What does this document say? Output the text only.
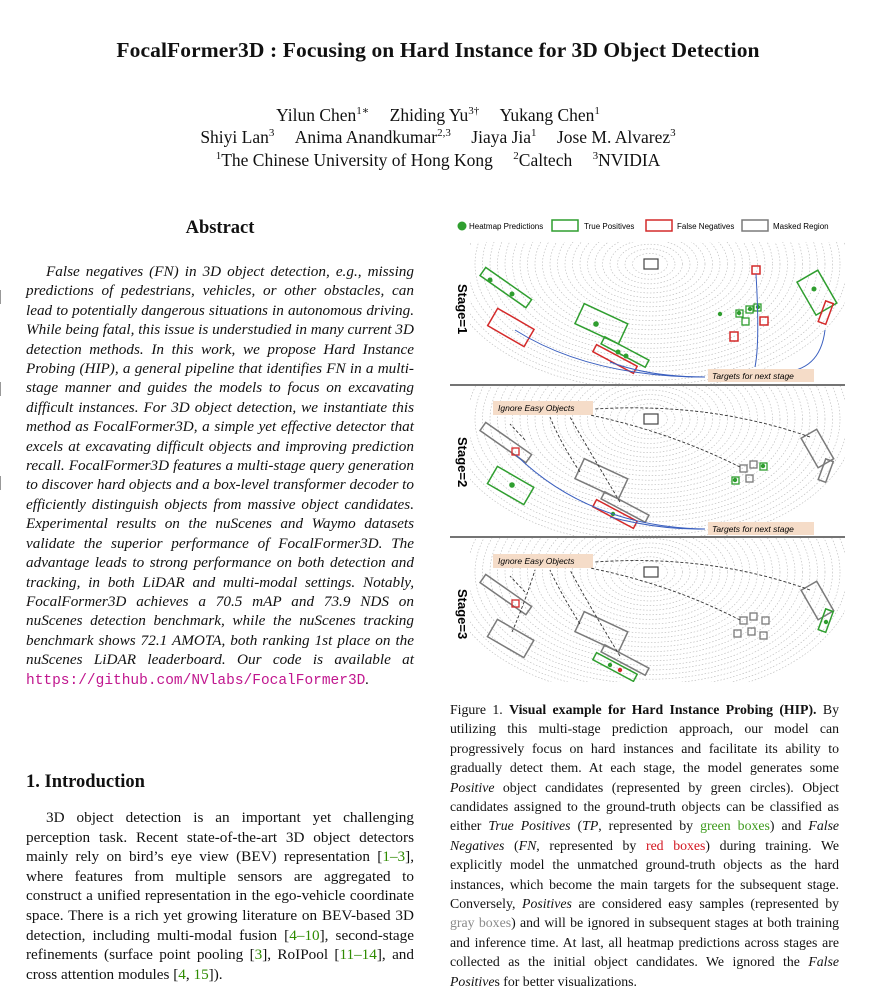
FocalFormer3D : Focusing on Hard Instance for 3D Object Detection
Yilun Chen$^{1∗}$ Zhiding $Yu^{3\dagger}$ Yukang Chen$^1$
Shiyi Lan$^3$ Anima Anandkumar$^{2,3}$ Jiaya Jia$^1$ Jose M. Alvarez$^3$
$^1$The Chinese University of Hong Kong $^2$Caltech $^3$NVIDIA
Abstract
False negatives (FN) in 3D object detection, e.g., missing predictions of pedestrians, vehicles, or other obstacles, can lead to potentially dangerous situations in autonomous driving. While being fatal, this issue is understudied in many current 3D detection methods. In this work, we propose Hard Instance Probing (HIP), a general pipeline that identifies FN in a multi-stage manner and guides the models to focus on excavating difficult instances. For 3D object detection, we instantiate this method as FocalFormer3D, a simple yet effective detector that excels at excavating difficult objects and improving prediction recall. FocalFormer3D features a multi-stage query generation to discover hard objects and a box-level transformer decoder to efficiently distinguish objects from massive object candidates. Experimental results on the nuScenes and Waymo datasets validate the superior performance of FocalFormer3D. The advantage leads to strong performance on both detection and tracking, in both LiDAR and multi-modal settings. Notably, FocalFormer3D achieves a 70.5 mAP and 73.9 NDS on nuScenes detection benchmark, while the nuScenes tracking benchmark shows 72.1 AMOTA, both ranking 1st place on the nuScenes LiDAR leaderboard. Our code is available at https://github.com/NVlabs/FocalFormer3D.
1. Introduction
3D object detection is an important yet challenging perception task. Recent state-of-the-art 3D object detectors mainly rely on bird’s eye view (BEV) representation [1–3], where features from multiple sensors are aggregated to construct a unified representation in the ego-vehicle coordinate space. There is a rich yet growing literature on BEV-based 3D detection, including multi-modal fusion [4–10], second-stage refinements (surface point pooling [3], RoIPool [11–14], and cross attention modules [4, 15]).
Heatmap Predictions	True Positives	False Negatives	Masked Region
Stage=1
Stage=2
Stage=3
Targets for next stage
Ignore Easy Objects
Targets for next stage
Ignore Easy Objects
Figure 1. Visual example for Hard Instance Probing (HIP). By utilizing this multi-stage prediction approach, our model can progressively focus on hard instances and facilitate its ability to gradually detect them. At each stage, the model generates some Positive object candidates (represented by green circles). Object candidates assigned to the ground-truth objects can be classified as either True Positives (TP, represented by green boxes) and False Negatives (FN, represented by red boxes) during training. We explicitly model the unmatched ground-truth objects as the hard instances, which become the main targets for the subsequent stage. Conversely, Positives are considered easy samples (represented by gray boxes) and will be ignored in subsequent stages at both training and inference time. At last, all heatmap predictions across stages are collected as the initial object candidates. We ignored the False Positives for better visualizations.
